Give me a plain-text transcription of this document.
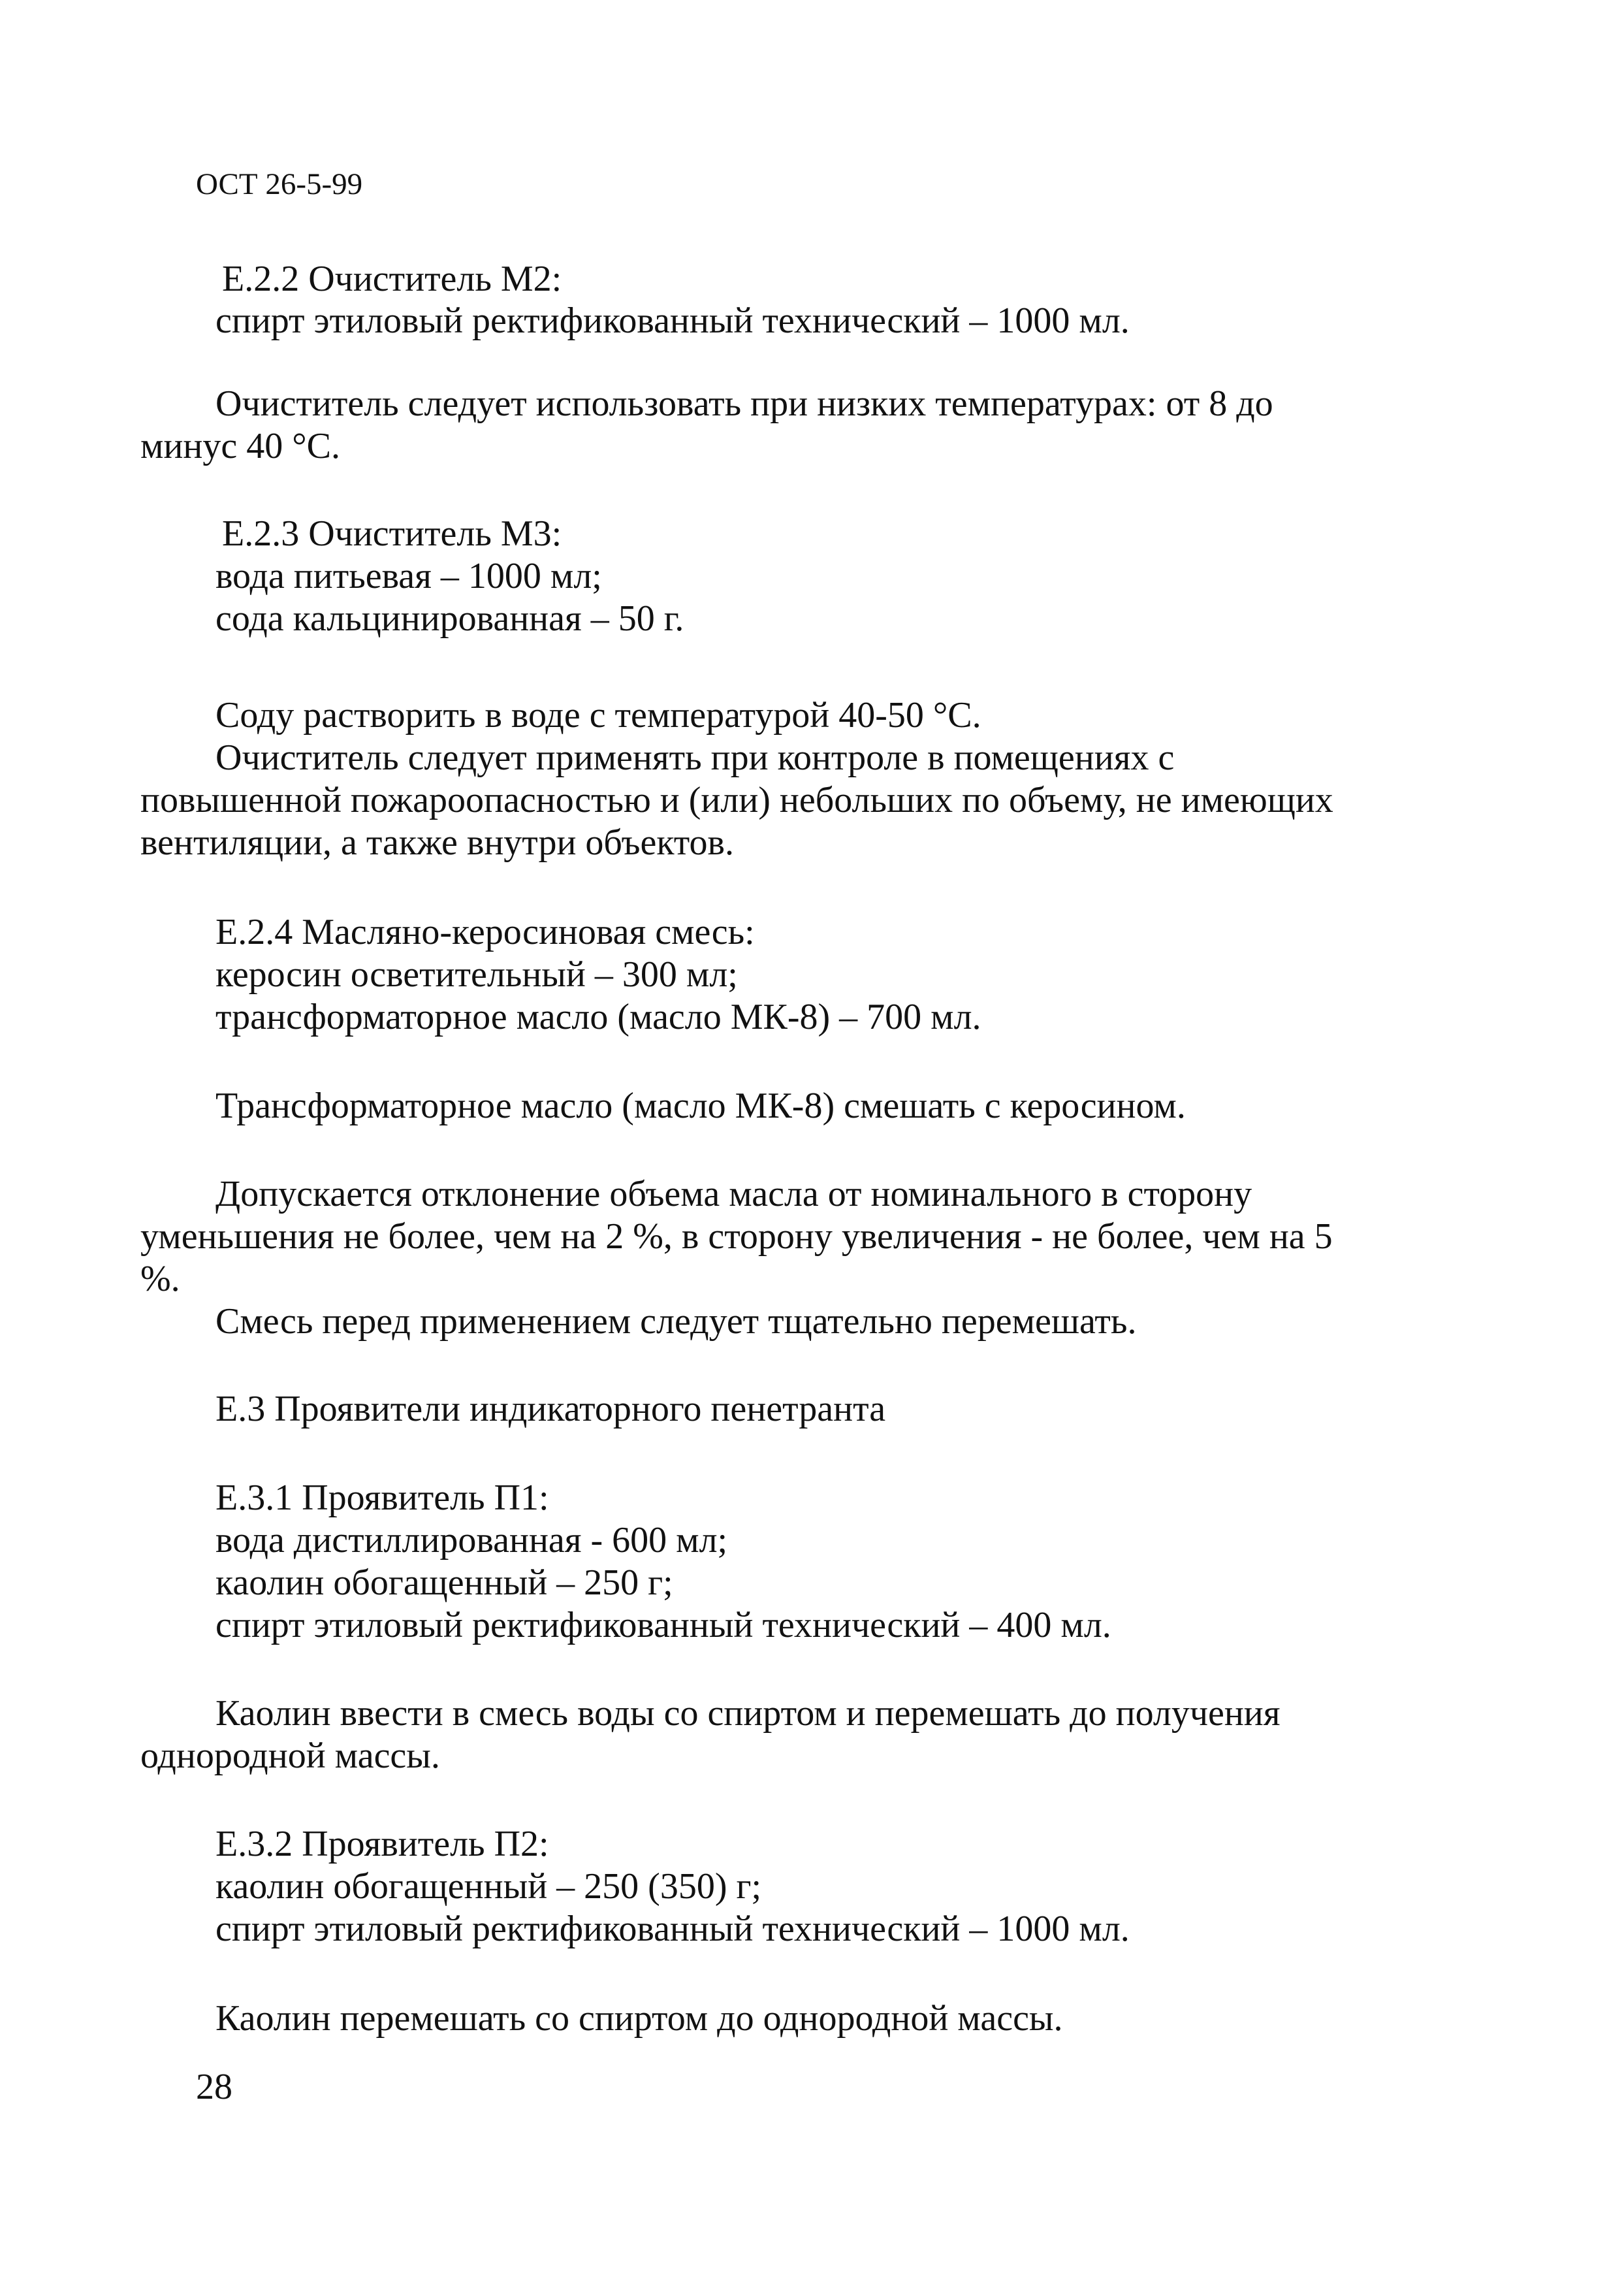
ОСТ 26-5-99

Е.2.2 Очиститель М2:

спирт этиловый ректификованный технический – 1000 мл.

Очиститель следует использовать при низких температурах: от 8 до

минус 40 °С.

Е.2.3 Очиститель М3:

вода питьевая – 1000 мл;

сода кальцинированная – 50 г.

Соду растворить в воде с температурой 40-50 °С.

Очиститель следует применять при контроле в помещениях с

повышенной пожароопасностью и (или) небольших по объему, не имеющих

вентиляции, а также внутри объектов.

Е.2.4 Масляно-керосиновая смесь:

керосин осветительный – 300 мл;

трансформаторное масло (масло МК-8) – 700 мл.

Трансформаторное масло (масло МК-8) смешать с керосином.

Допускается отклонение объема масла от номинального в сторону

уменьшения не более, чем на 2 %, в сторону увеличения - не более, чем на 5

%.

Смесь перед применением следует тщательно перемешать.

Е.3 Проявители индикаторного пенетранта

Е.3.1 Проявитель П1:

вода дистиллированная - 600 мл;

каолин обогащенный – 250 г;

спирт этиловый ректификованный технический – 400 мл.

Каолин ввести в смесь воды со спиртом и перемешать до получения

однородной массы.

Е.3.2 Проявитель П2:

каолин обогащенный – 250 (350) г;

спирт этиловый ректификованный технический – 1000 мл.

Каолин перемешать со спиртом до однородной массы.

28
